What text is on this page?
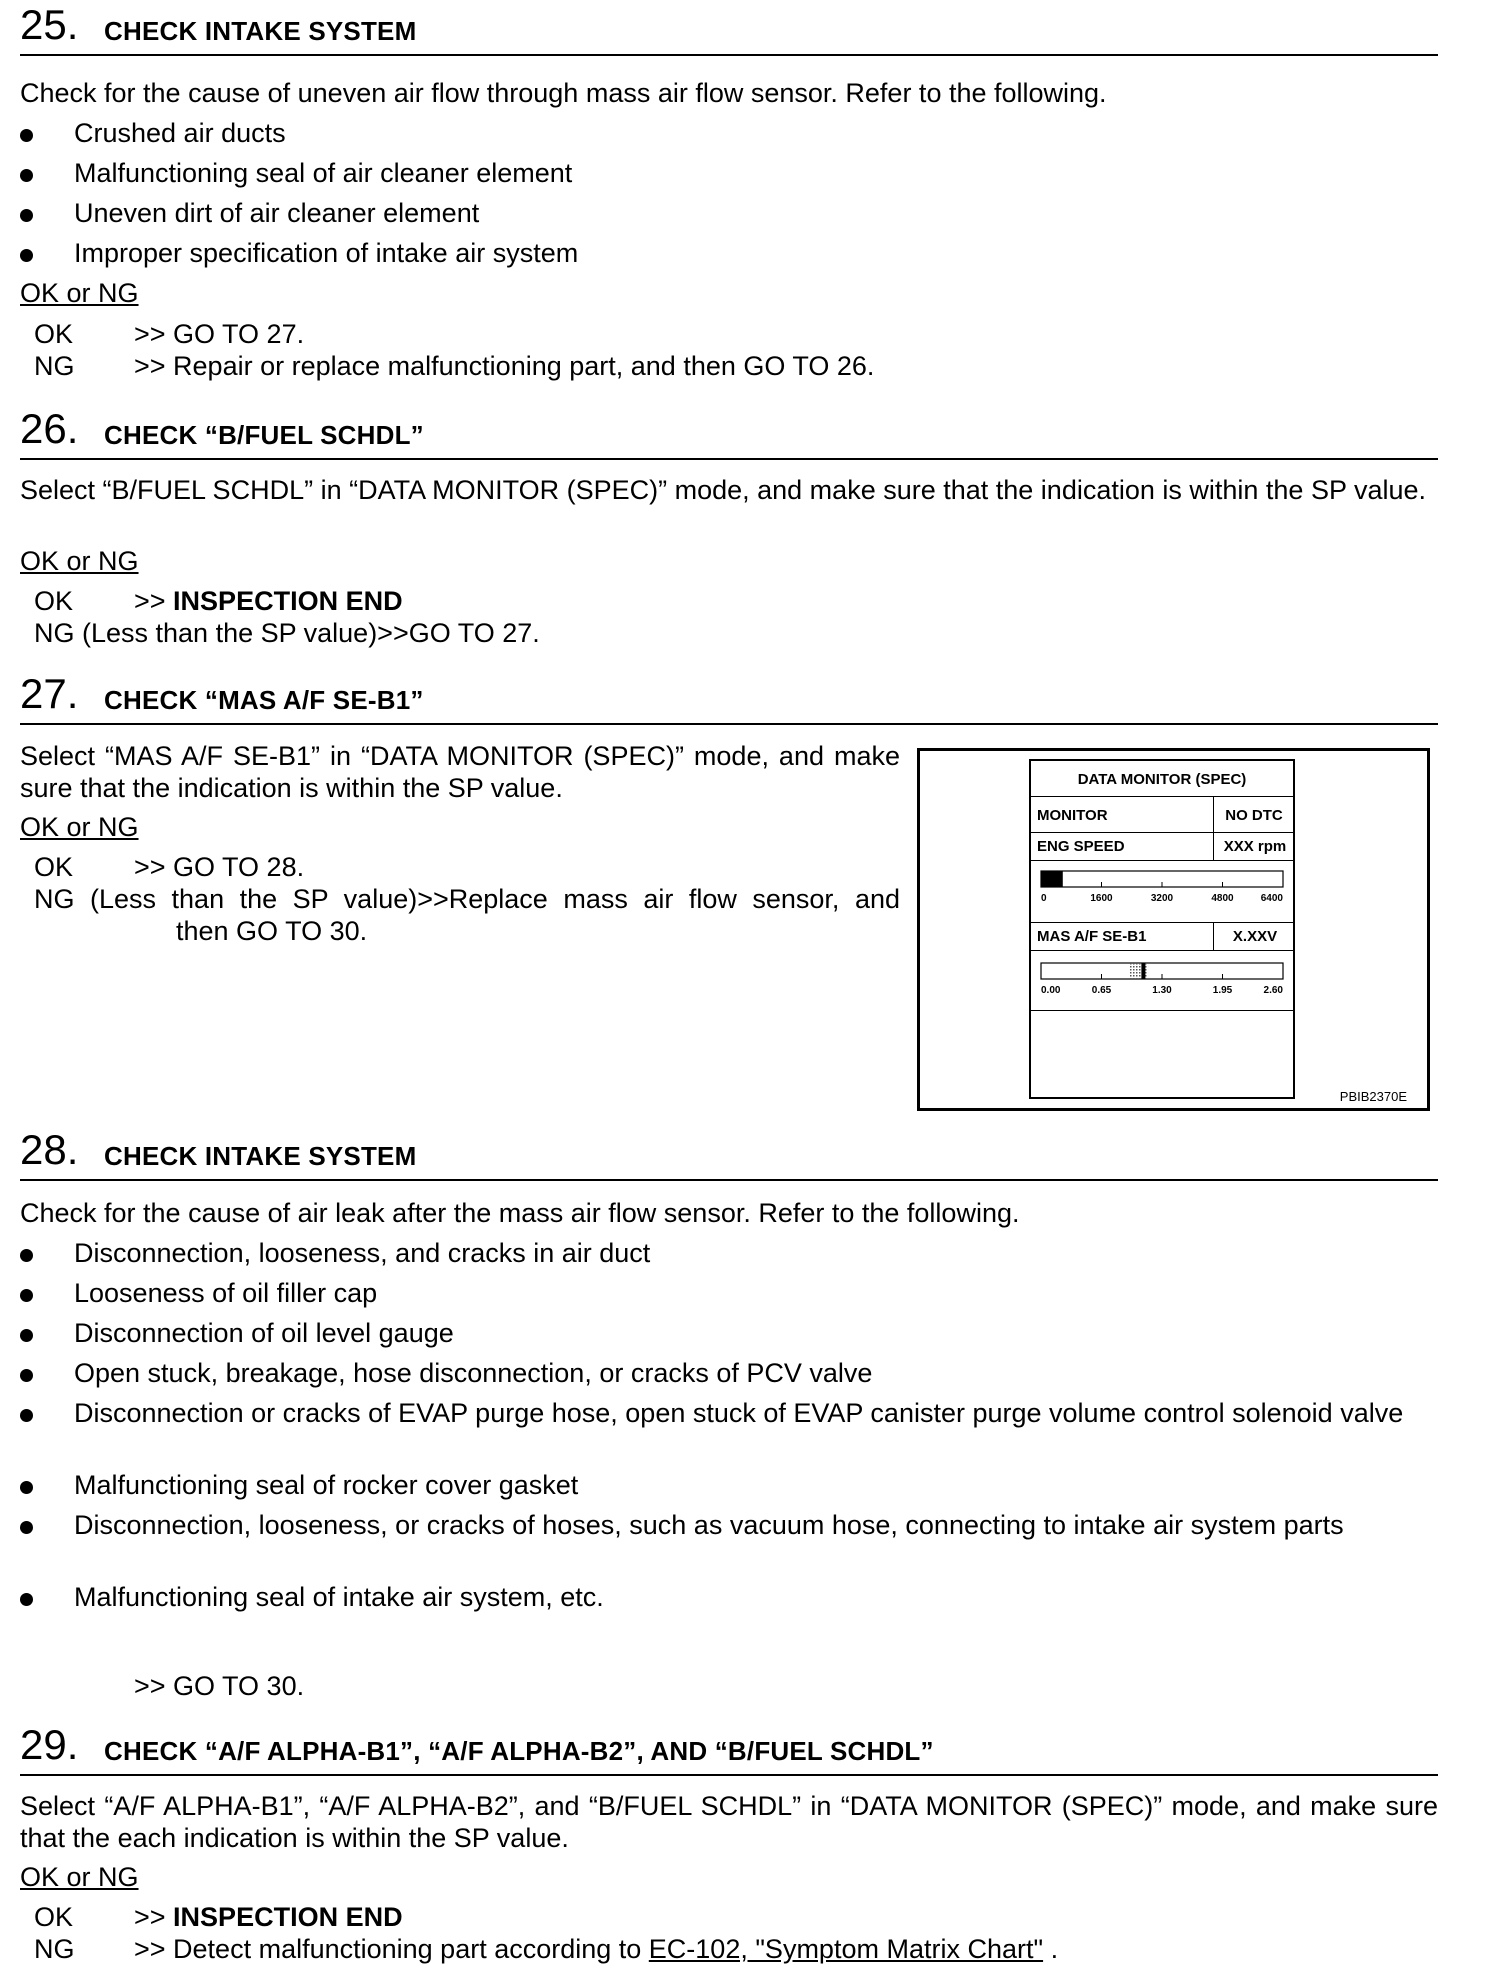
25. CHECK INTAKE SYSTEM
Check for the cause of uneven air flow through mass air flow sensor. Refer to the following.
Crushed air ducts
Malfunctioning seal of air cleaner element
Uneven dirt of air cleaner element
Improper specification of intake air system
OK or NG
OK >> GO TO 27.
NG >> Repair or replace malfunctioning part, and then GO TO 26.
26. CHECK “B/FUEL SCHDL”
Select “B/FUEL SCHDL” in “DATA MONITOR (SPEC)” mode, and make sure that the indication is within the SP value.
OK or NG
OK >> INSPECTION END
NG (Less than the SP value)>>GO TO 27.
27. CHECK “MAS A/F SE-B1”
Select “MAS A/F SE-B1” in “DATA MONITOR (SPEC)” mode, and make sure that the indication is within the SP value.
OK or NG
OK >> GO TO 28.
NG (Less than the SP value)>>Replace mass air flow sensor, and
then GO TO 30.
DATA MONITOR (SPEC)
MONITOR	NO DTC
ENG SPEED	XXX rpm
0	1600	3200	4800	6400
MAS A/F SE-B1	X.XXV
0.00	0.65	1.30	1.95	2.60
PBIB2370E
28. CHECK INTAKE SYSTEM
Check for the cause of air leak after the mass air flow sensor. Refer to the following.
Disconnection, looseness, and cracks in air duct
Looseness of oil filler cap
Disconnection of oil level gauge
Open stuck, breakage, hose disconnection, or cracks of PCV valve
Disconnection or cracks of EVAP purge hose, open stuck of EVAP canister purge volume control solenoid valve
Malfunctioning seal of rocker cover gasket
Disconnection, looseness, or cracks of hoses, such as vacuum hose, connecting to intake air system parts
Malfunctioning seal of intake air system, etc.
>> GO TO 30.
29. CHECK “A/F ALPHA-B1”, “A/F ALPHA-B2”, AND “B/FUEL SCHDL”
Select “A/F ALPHA-B1”, “A/F ALPHA-B2”, and “B/FUEL SCHDL” in “DATA MONITOR (SPEC)” mode, and make sure that the each indication is within the SP value.
OK or NG
OK >> INSPECTION END
NG >> Detect malfunctioning part according to EC-102, "Symptom Matrix Chart" .
